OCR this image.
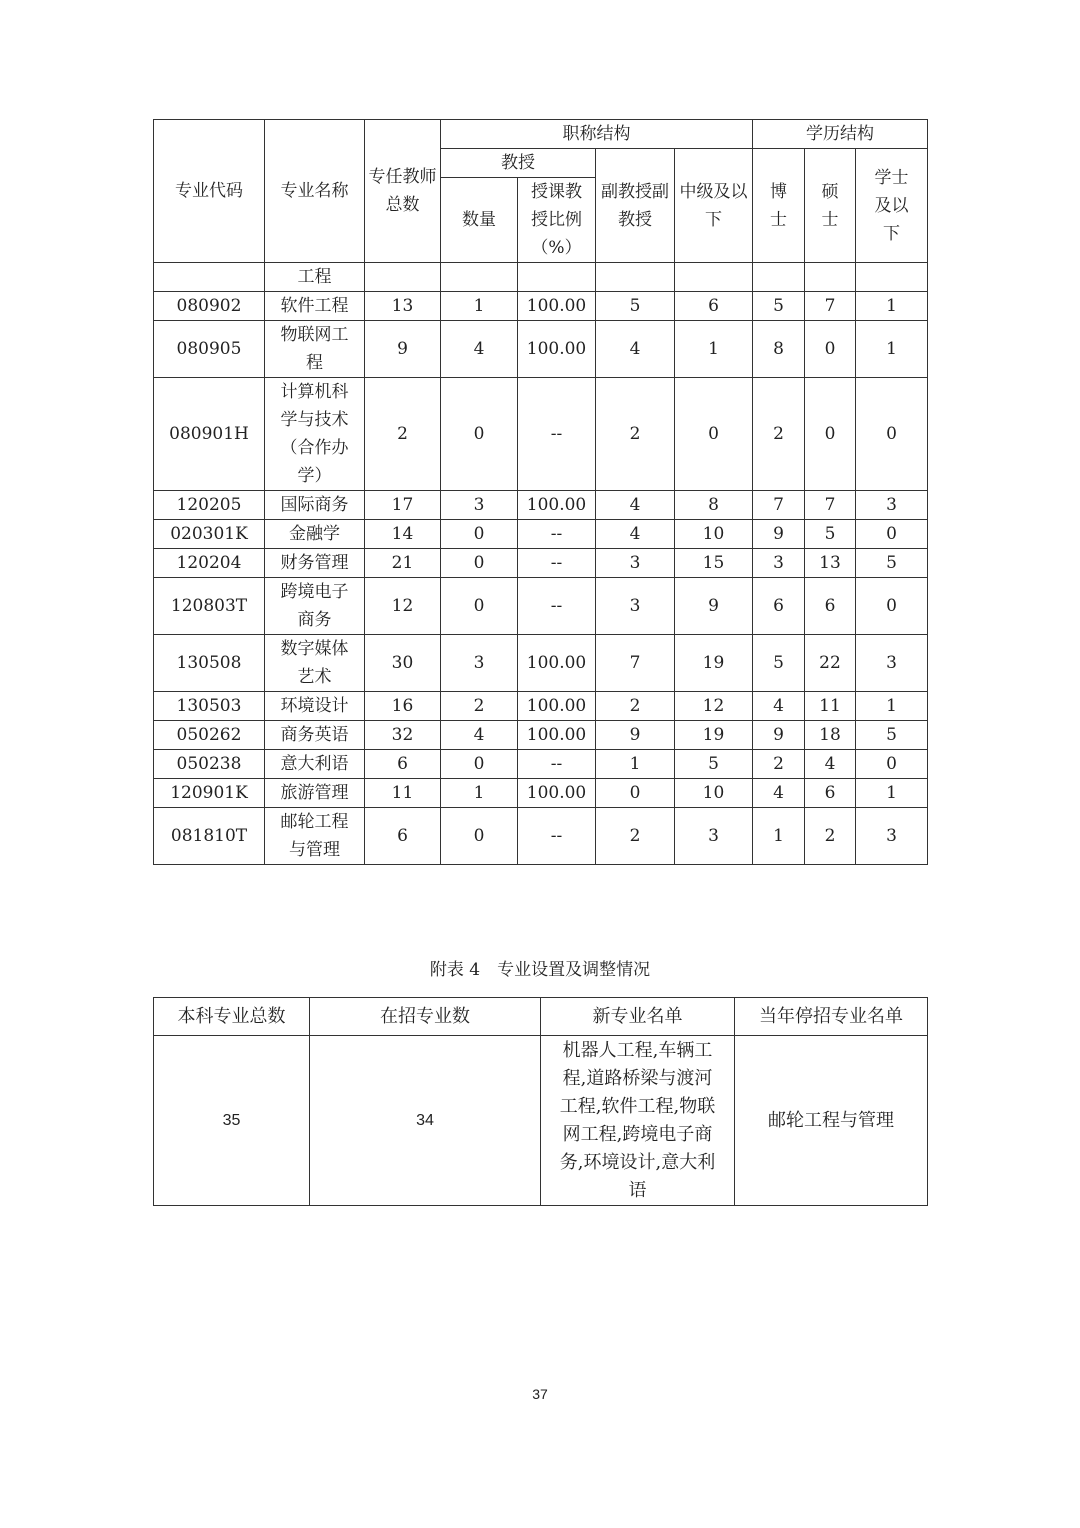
专业代码	专业名称	专任教师总数	职称结构				学历结构		
			教授		副教授副教授	中级及以下	博士	硕士	学士及以下
			数量	授课教授比例（%）					
	工程								
080902	软件工程	13	1	100.00	5	6	5	7	1
080905	物联网工程	9	4	100.00	4	1	8	0	1
080901H	计算机科学与技术（合作办学）	2	0	--	2	0	2	0	0
120205	国际商务	17	3	100.00	4	8	7	7	3
020301K	金融学	14	0	--	4	10	9	5	0
120204	财务管理	21	0	--	3	15	3	13	5
120803T	跨境电子商务	12	0	--	3	9	6	6	0
130508	数字媒体艺术	30	3	100.00	7	19	5	22	3
130503	环境设计	16	2	100.00	2	12	4	11	1
050262	商务英语	32	4	100.00	9	19	9	18	5
050238	意大利语	6	0	--	1	5	2	4	0
120901K	旅游管理	11	1	100.00	0	10	4	6	1
081810T	邮轮工程与管理	6	0	--	2	3	1	2	3
附表 4　专业设置及调整情况
本科专业总数	在招专业数	新专业名单	当年停招专业名单
35	34	机器人工程,车辆工程,道路桥梁与渡河工程,软件工程,物联网工程,跨境电子商务,环境设计,意大利语	邮轮工程与管理
37
